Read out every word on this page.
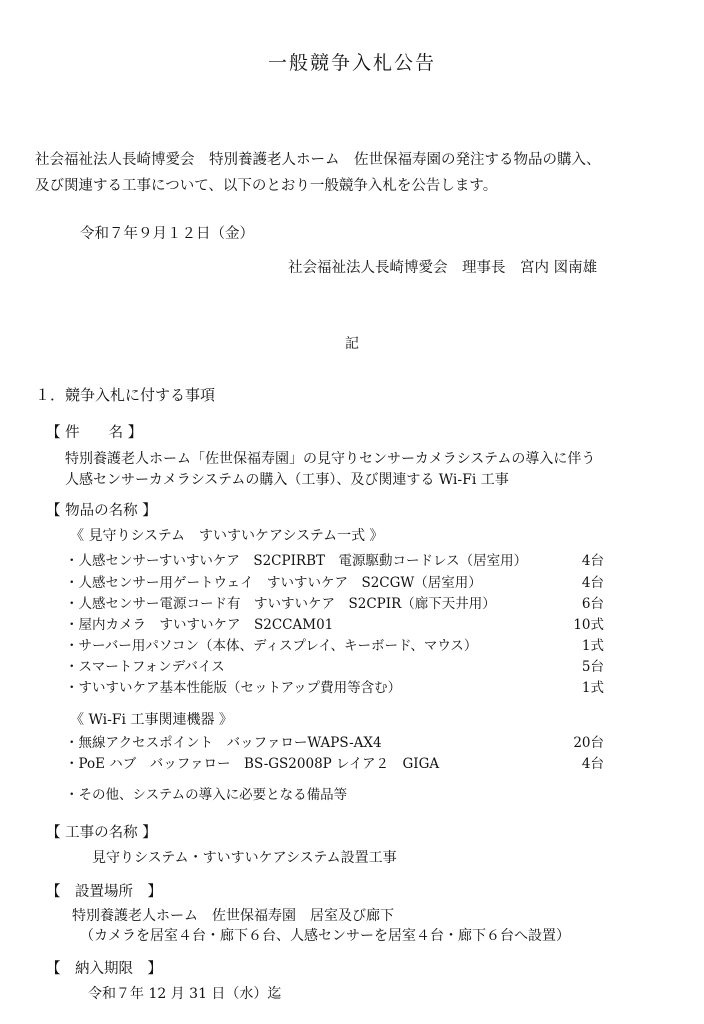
一般競争入札公告
社会福祉法人長崎博愛会　特別養護老人ホーム　佐世保福寿園の発注する物品の購入、
及び関連する工事について、以下のとおり一般競争入札を公告します。
令和７年９月１２日（金）
社会福祉法人長崎博愛会　理事長　宮内 図南雄
記
１．競争入札に付する事項
【 件　　名 】
特別養護老人ホーム「佐世保福寿園」の見守りセンサーカメラシステムの導入に伴う
人感センサーカメラシステムの購入（工事）、及び関連する Wi-Fi 工事
【 物品の名称 】
《 見守りシステム　すいすいケアシステム一式 》
・人感センサーすいすいケア　S2CPIRBT　電源駆動コードレス（居室用）	4台
・人感センサー用ゲートウェイ　すいすいケア　S2CGW（居室用）	4台
・人感センサー電源コード有　すいすいケア　S2CPIR（廊下天井用）	6台
・屋内カメラ　すいすいケア　S2CCAM01	10式
・サーバー用パソコン（本体、ディスプレイ、キーボード、マウス）	1式
・スマートフォンデバイス	5台
・すいすいケア基本性能版（セットアップ費用等含む）	1式
《 Wi-Fi 工事関連機器 》
・無線アクセスポイント　バッファローWAPS-AX4	20台
・PoE ハブ　バッファロー　BS-GS2008P レイア２　GIGA	4台
・その他、システムの導入に必要となる備品等
【 工事の名称 】
見守りシステム・すいすいケアシステム設置工事
【　設置場所　】
特別養護老人ホーム　佐世保福寿園　居室及び廊下
（カメラを居室４台・廊下６台、人感センサーを居室４台・廊下６台へ設置）
【　納入期限　】
令和７年 12 月 31 日（水）迄
